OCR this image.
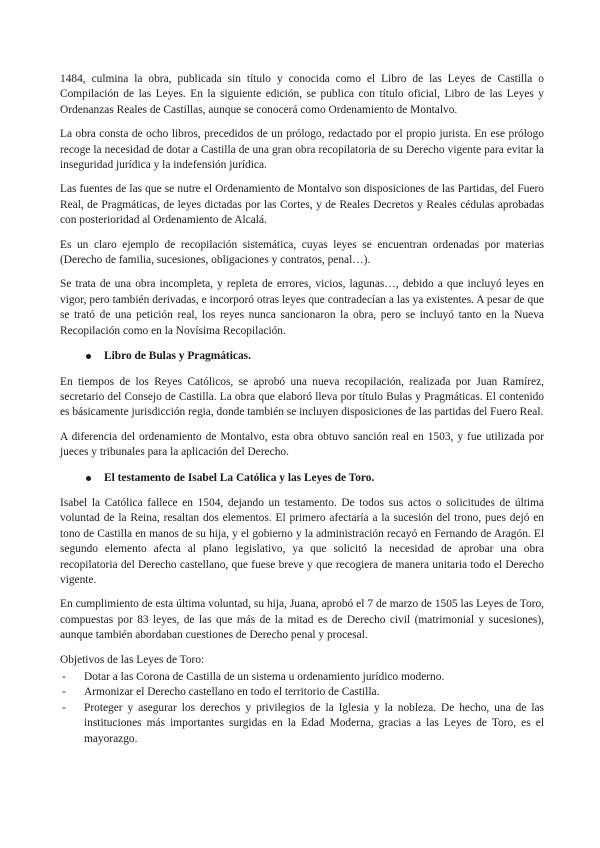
1484, culmina la obra, publicada sin título y conocida como el Libro de las Leyes de Castilla o Compilación de las Leyes. En la siguiente edición, se publica con título oficial, Libro de las Leyes y Ordenanzas Reales de Castillas, aunque se conocerá como Ordenamiento de Montalvo.

La obra consta de ocho libros, precedidos de un prólogo, redactado por el propio jurista. En ese prólogo recoge la necesidad de dotar a Castilla de una gran obra recopilatoria de su Derecho vigente para evitar la inseguridad jurídica y la indefensión jurídica.

Las fuentes de las que se nutre el Ordenamiento de Montalvo son disposiciones de las Partidas, del Fuero Real, de Pragmáticas, de leyes dictadas por las Cortes, y de Reales Decretos y Reales cédulas aprobadas con posterioridad al Ordenamiento de Alcalá.

Es un claro ejemplo de recopilación sistemática, cuyas leyes se encuentran ordenadas por materias (Derecho de familia, sucesiones, obligaciones y contratos, penal…).

Se trata de una obra incompleta, y repleta de errores, vicios, lagunas…, debido a que incluyó leyes en vigor, pero también derivadas, e incorporó otras leyes que contradecían a las ya existentes. A pesar de que se trató de una petición real, los reyes nunca sancionaron la obra, pero se incluyó tanto en la Nueva Recopilación como en la Novísima Recopilación.

Libro de Bulas y Pragmáticas.

En tiempos de los Reyes Católicos, se aprobó una nueva recopilación, realizada por Juan Ramírez, secretario del Consejo de Castilla. La obra que elaboró lleva por título Bulas y Pragmáticas. El contenido es básicamente jurisdicción regia, donde también se incluyen disposiciones de las partidas del Fuero Real.

A diferencia del ordenamiento de Montalvo, esta obra obtuvo sanción real en 1503, y fue utilizada por jueces y tribunales para la aplicación del Derecho.

El testamento de Isabel La Católica y las Leyes de Toro.

Isabel la Católica fallece en 1504, dejando un testamento. De todos sus actos o solicitudes de última voluntad de la Reina, resaltan dos elementos. El primero afectaría a la sucesión del trono, pues dejó en tono de Castilla en manos de su hija, y el gobierno y la administración recayó en Fernando de Aragón. El segundo elemento afecta al plano legislativo, ya que solicitó la necesidad de aprobar una obra recopilatoria del Derecho castellano, que fuese breve y que recogiera de manera unitaria todo el Derecho vigente.

En cumplimiento de esta última voluntad, su hija, Juana, aprobó el 7 de marzo de 1505 las Leyes de Toro, compuestas por 83 leyes, de las que más de la mitad es de Derecho civil (matrimonial y sucesiones), aunque también abordaban cuestiones de Derecho penal y procesal.

Objetivos de las Leyes de Toro:

-	Dotar a las Corona de Castilla de un sistema u ordenamiento jurídico moderno.
-	Armonizar el Derecho castellano en todo el territorio de Castilla.
-	Proteger y asegurar los derechos y privilegios de la Iglesia y la nobleza. De hecho, una de las instituciones más importantes surgidas en la Edad Moderna, gracias a las Leyes de Toro, es el mayorazgo.
